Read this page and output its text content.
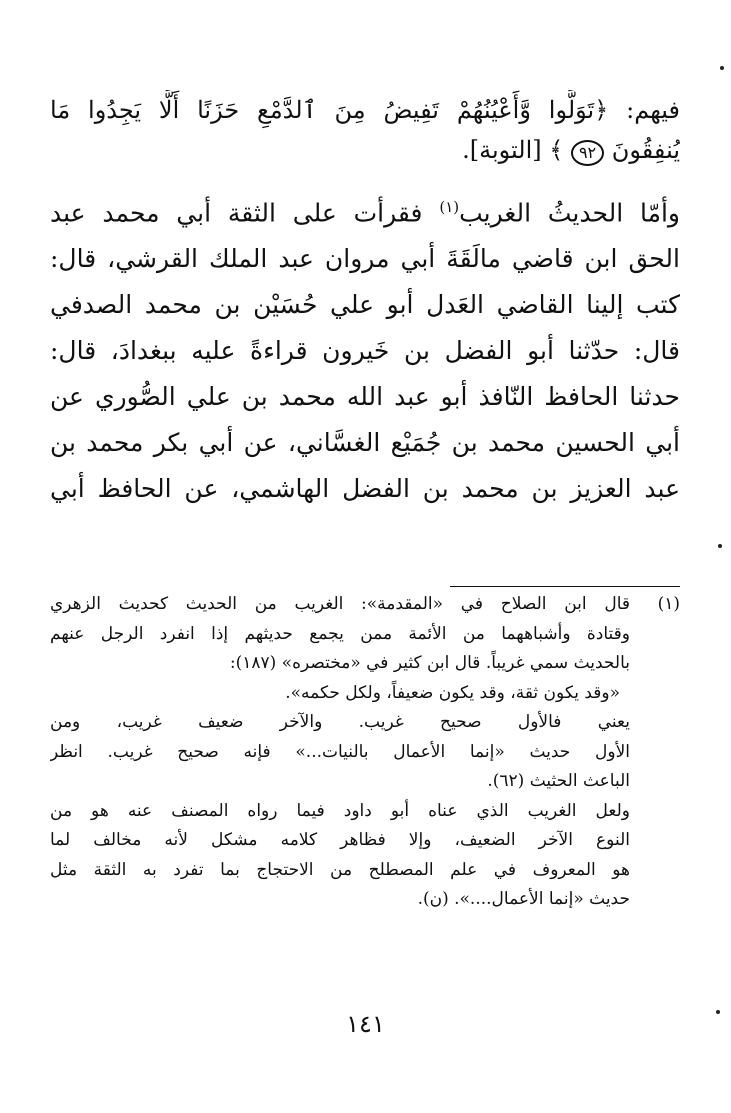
فيهم: ﴿تَوَلَّوا وَّأَعْيُنُهُمْ تَفِيضُ مِنَ ٱلدَّمْعِ حَزَنًا أَلَّا يَجِدُوا مَا

يُنفِقُونَ ٩٢ ﴾ [التوبة].

وأمّا الحديثُ الغريب$^{(١)}$ فقرأت على الثقة أبي محمد عبد

الحق ابن قاضي مالَقَةَ أبي مروان عبد الملك القرشي، قال:

كتب إلينا القاضي العَدل أبو علي حُسَيْن بن محمد الصدفي

قال: حدّثنا أبو الفضل بن خَيرون قراءةً عليه ببغدادَ، قال:

حدثنا الحافظ النّافذ أبو عبد الله محمد بن علي الصُّوري عن

أبي الحسين محمد بن جُمَيْع الغسَّاني، عن أبي بكر محمد بن

عبد العزيز بن محمد بن الفضل الهاشمي، عن الحافظ أبي

(١)

قال ابن الصلاح في «المقدمة»: الغريب من الحديث كحديث الزهري

وقتادة وأشباههما من الأئمة ممن يجمع حديثهم إذا انفرد الرجل عنهم

بالحديث سمي غريباً. قال ابن كثير في «مختصره» (١٨٧):

«وقد يكون ثقة، وقد يكون ضعيفاً، ولكل حكمه».

يعني فالأول صحيح غريب. والآخر ضعيف غريب، ومن

الأول حديث «إنما الأعمال بالنيات...» فإنه صحيح غريب. انظر

الباعث الحثيث (٦٢).

ولعل الغريب الذي عناه أبو داود فيما رواه المصنف عنه هو من

النوع الآخر الضعيف، وإلا فظاهر كلامه مشكل لأنه مخالف لما

هو المعروف في علم المصطلح من الاحتجاج بما تفرد به الثقة مثل

حديث «إنما الأعمال....». (ن).

١٤١
